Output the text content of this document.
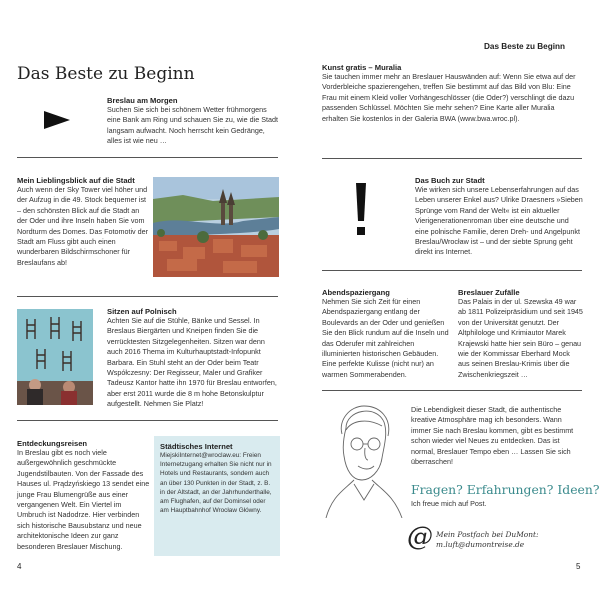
Das Beste zu Beginn
Breslau am Morgen

Suchen Sie sich bei schönem Wetter frühmorgens eine Bank am Ring und schauen Sie zu, wie die Stadt langsam aufwacht. Noch herrscht kein Gedränge, alles ist wie neu …

Mein Lieblingsblick auf die Stadt

Auch wenn der Sky Tower viel höher und der Aufzug in die 49. Stock bequemer ist – den schönsten Blick auf die Stadt an der Oder und ihre Inseln haben Sie vom Nordturm des Domes. Das Fotomotiv der Stadt am Fluss gibt auch einen wunderbaren Bildschirmschoner für Breslaufans ab!

Sitzen auf Polnisch

Achten Sie auf die Stühle, Bänke und Sessel. In Breslaus Biergärten und Kneipen finden Sie die verrücktesten Sitzgelegenheiten. Sitzen war denn auch 2016 Thema im Kulturhauptstadt-Infopunkt Barbara. Ein Stuhl steht an der Oder beim Teatr Współczesny: Der Regisseur, Maler und Grafiker Tadeusz Kantor hatte ihn 1970 für Breslau entworfen, aber erst 2011 wurde die 8 m hohe Betonskulptur aufgestellt. Nehmen Sie Platz!

Entdeckungsreisen

In Breslau gibt es noch viele außergewöhnlich geschmückte Jugendstilbauten. Von der Fassade des Hauses ul. Prądzyńskiego 13 sendet eine junge Frau Blumengrüße aus einer vergangenen Welt. Ein Viertel im Umbruch ist Nadodrze. Hier verbinden sich historische Bausubstanz und neue architektonische Ideen zur ganz besonderen Breslauer Mischung.

Städtisches Internet

MiejskiInternet@wroclaw.eu: Freien Internetzugang erhalten Sie nicht nur in Hotels und Restaurants, sondern auch an über 130 Punkten in der Stadt, z. B. in der Altstadt, an der Jahrhunderthalle, am Flughafen, auf der Dominsel oder am Hauptbahnhof Wrocław Główny.

4
Das Beste zu Beginn
Kunst gratis – Muralia

Sie tauchen immer mehr an Breslauer Hauswänden auf: Wenn Sie etwa auf der Vorderbleiche spazierengehen, treffen Sie bestimmt auf das Bild von Blu: Eine Frau mit einem Kleid voller Vorhängeschlösser (die Oder?) verschlingt die dazu passenden Schlüssel. Möchten Sie mehr sehen? Eine Karte aller Muralia erhalten Sie kostenlos in der Galeria BWA (www.bwa.wroc.pl).

Das Buch zur Stadt

Wie wirken sich unsere Lebenserfahrungen auf das Leben unserer Enkel aus? Ulrike Draesners »Sieben Sprünge vom Rand der Welt« ist ein aktueller Vierigenerationenroman über eine deutsche und eine polnische Familie, deren Dreh- und Angelpunkt Breslau/Wrocław ist – und der siebte Sprung geht direkt ins Internet.

Abendspaziergang

Nehmen Sie sich Zeit für einen Abendspaziergang entlang der Boulevards an der Oder und genießen Sie den Blick rundum auf die Inseln und das Oderufer mit zahlreichen illuminierten historischen Gebäuden. Eine perfekte Kulisse (nicht nur) an warmen Sommerabenden.

Breslauer Zufälle

Das Palais in der ul. Szewska 49 war ab 1811 Polizeipräsidium und seit 1945 von der Universität genutzt. Der Altphilologe und Krimiautor Marek Krajewski hatte hier sein Büro – genau wie der Kommissar Eberhard Mock aus seinen Breslau-Krimis über die Zwischenkriegszeit …

Die Lebendigkeit dieser Stadt, die authentische kreative Atmosphäre mag ich besonders. Wann immer Sie nach Breslau kommen, gibt es bestimmt schon wieder viel Neues zu entdecken. Das ist normal, Breslauer Tempo eben … Lassen Sie sich überraschen!

Fragen? Erfahrungen? Ideen?
Ich freue mich auf Post.
@ Mein Postfach bei DuMont:
m.luft@dumontreise.de
5
